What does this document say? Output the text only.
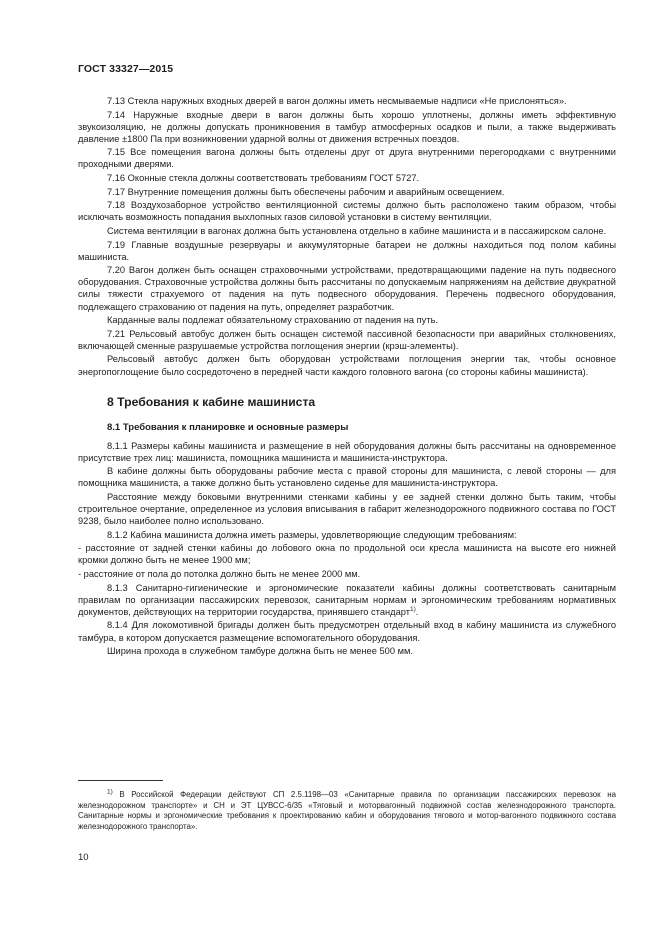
ГОСТ 33327—2015

7.13 Стекла наружных входных дверей в вагон должны иметь несмываемые надписи «Не прислоняться».

7.14 Наружные входные двери в вагон должны быть хорошо уплотнены, должны иметь эффективную звукоизоляцию, не должны допускать проникновения в тамбур атмосферных осадков и пыли, а также выдерживать давление ±1800 Па при возникновении ударной волны от движения встречных поездов.

7.15 Все помещения вагона должны быть отделены друг от друга внутренними перегородками с внутренними проходными дверями.

7.16 Оконные стекла должны соответствовать требованиям ГОСТ 5727.

7.17 Внутренние помещения должны быть обеспечены рабочим и аварийным освещением.

7.18 Воздухозаборное устройство вентиляционной системы должно быть расположено таким образом, чтобы исключать возможность попадания выхлопных газов силовой установки в систему вентиляции.

Система вентиляции в вагонах должна быть установлена отдельно в кабине машиниста и в пассажирском салоне.

7.19 Главные воздушные резервуары и аккумуляторные батареи не должны находиться под полом кабины машиниста.

7.20 Вагон должен быть оснащен страховочными устройствами, предотвращающими падение на путь подвесного оборудования. Страховочные устройства должны быть рассчитаны по допускаемым напряжениям на действие двукратной силы тяжести страхуемого от падения на путь подвесного оборудования. Перечень подвесного оборудования, подлежащего страхованию от падения на путь, определяет разработчик.

Карданные валы подлежат обязательному страхованию от падения на путь.

7.21 Рельсовый автобус должен быть оснащен системой пассивной безопасности при аварийных столкновениях, включающей сменные разрушаемые устройства поглощения энергии (крэш-элементы).

Рельсовый автобус должен быть оборудован устройствами поглощения энергии так, чтобы основное энергопоглощение было сосредоточено в передней части каждого головного вагона (со стороны кабины машиниста).

8 Требования к кабине машиниста
8.1 Требования к планировке и основные размеры

8.1.1 Размеры кабины машиниста и размещение в ней оборудования должны быть рассчитаны на одновременное присутствие трех лиц: машиниста, помощника машиниста и машиниста-инструктора.

В кабине должны быть оборудованы рабочие места с правой стороны для машиниста, с левой стороны — для помощника машиниста, а также должно быть установлено сиденье для машиниста-инструктора.

Расстояние между боковыми внутренними стенками кабины у ее задней стенки должно быть таким, чтобы строительное очертание, определенное из условия вписывания в габарит железнодорожного подвижного состава по ГОСТ 9238, было наиболее полно использовано.

8.1.2 Кабина машиниста должна иметь размеры, удовлетворяющие следующим требованиям:

- расстояние от задней стенки кабины до лобового окна по продольной оси кресла машиниста на высоте его нижней кромки должно быть не менее 1900 мм;

- расстояние от пола до потолка должно быть не менее 2000 мм.

8.1.3 Санитарно-гигиенические и эргономические показатели кабины должны соответствовать санитарным правилам по организации пассажирских перевозок, санитарным нормам и эргономическим требованиям нормативных документов, действующих на территории государства, принявшего стандарт$^{1)}$.

8.1.4 Для локомотивной бригады должен быть предусмотрен отдельный вход в кабину машиниста из служебного тамбура, в котором допускается размещение вспомогательного оборудования.

Ширина прохода в служебном тамбуре должна быть не менее 500 мм.

$^{1)}$ В Российской Федерации действуют СП 2.5.1198—03 «Санитарные правила по организации пассажирских перевозок на железнодорожном транспорте» и СН и ЭТ ЦУВСС-6/35 «Тяговый и моторвагонный подвижной состав железнодорожного транспорта. Санитарные нормы и эргономические требования к проектированию кабин и оборудования тягового и мотор-вагонного подвижного состава железнодорожного транспорта».

10
